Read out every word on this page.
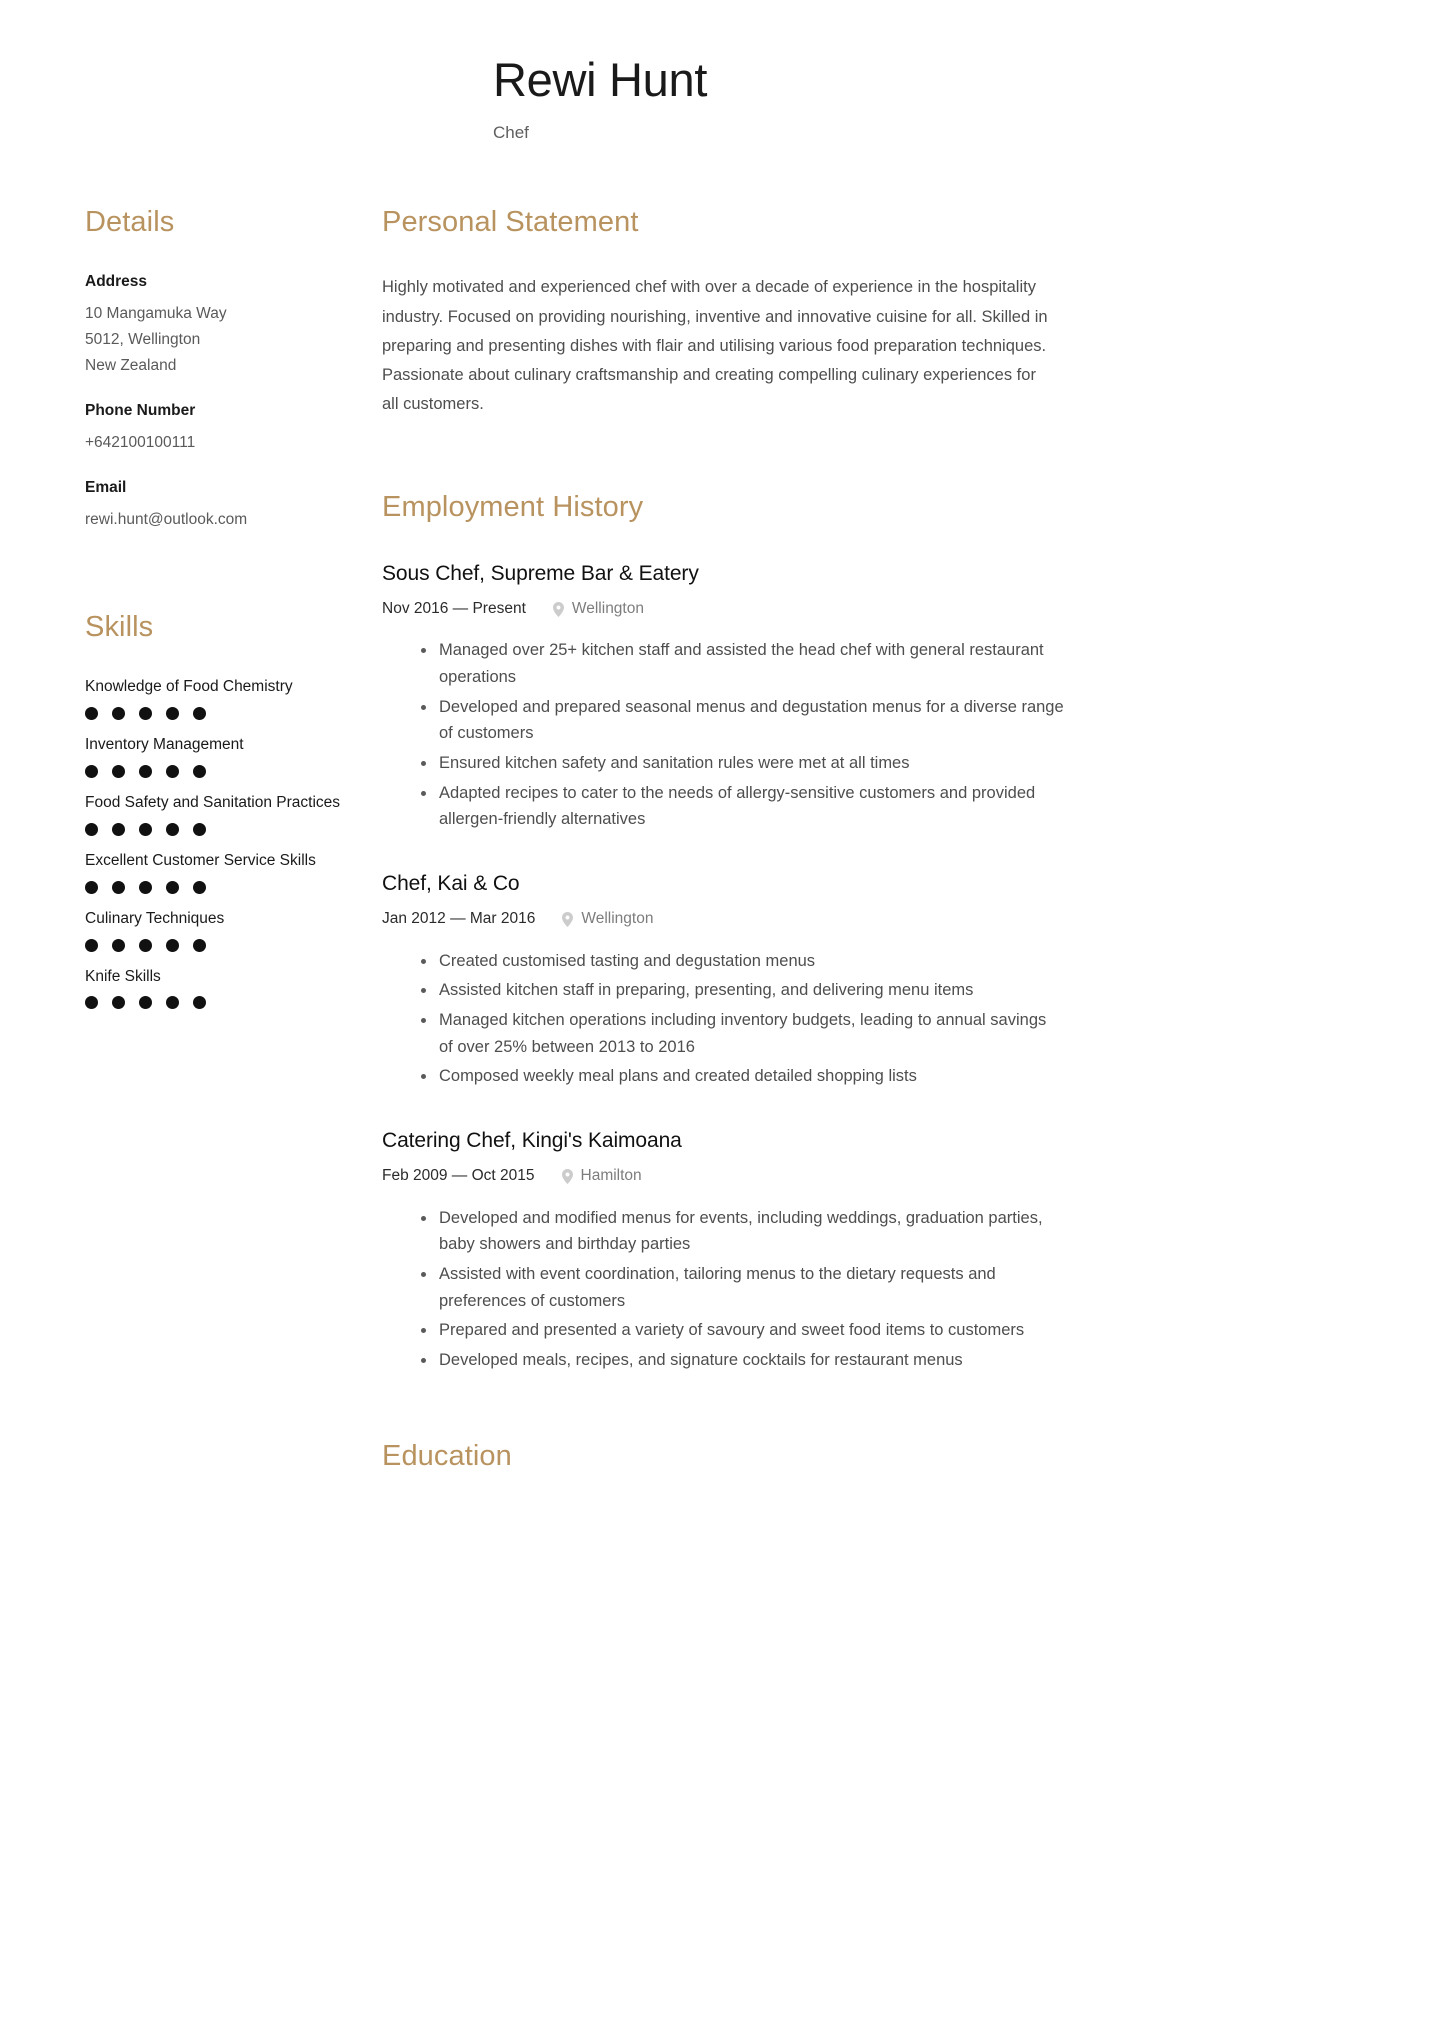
Rewi Hunt
Chef
Details
Address
10 Mangamuka Way
5012, Wellington
New Zealand
Phone Number
+642100100111
Email
rewi.hunt@outlook.com
Skills
Knowledge of Food Chemistry
Inventory Management
Food Safety and Sanitation Practices
Excellent Customer Service Skills
Culinary Techniques
Knife Skills
Personal Statement

Highly motivated and experienced chef with over a decade of experience in the hospitality industry. Focused on providing nourishing, inventive and innovative cuisine for all. Skilled in preparing and presenting dishes with flair and utilising various food preparation techniques. Passionate about culinary craftsmanship and creating compelling culinary experiences for all customers.

Employment History
Sous Chef, Supreme Bar & Eatery
Nov 2016 — Present	Wellington
Managed over 25+ kitchen staff and assisted the head chef with general restaurant operations
Developed and prepared seasonal menus and degustation menus for a diverse range of customers
Ensured kitchen safety and sanitation rules were met at all times
Adapted recipes to cater to the needs of allergy-sensitive customers and provided allergen-friendly alternatives
Chef, Kai & Co
Jan 2012 — Mar 2016	Wellington
Created customised tasting and degustation menus
Assisted kitchen staff in preparing, presenting, and delivering menu items
Managed kitchen operations including inventory budgets, leading to annual savings of over 25% between 2013 to 2016
Composed weekly meal plans and created detailed shopping lists
Catering Chef, Kingi's Kaimoana
Feb 2009 — Oct 2015	Hamilton
Developed and modified menus for events, including weddings, graduation parties, baby showers and birthday parties
Assisted with event coordination, tailoring menus to the dietary requests and preferences of customers
Prepared and presented a variety of savoury and sweet food items to customers
Developed meals, recipes, and signature cocktails for restaurant menus
Education
